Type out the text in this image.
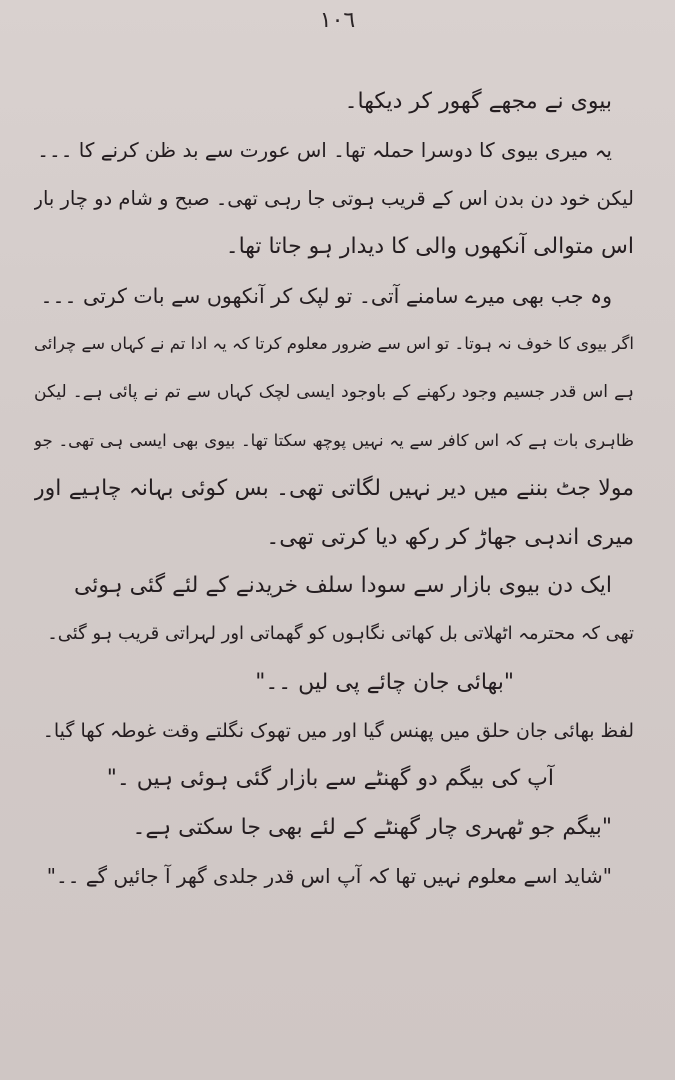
١٠٦
بیوی نے مجھے گھور کر دیکھا۔
یہ میری بیوی کا دوسرا حملہ تھا۔ اس عورت سے بد ظن کرنے کا ۔۔۔
لیکن خود دن بدن اس کے قریب ہوتی جا رہی تھی۔ صبح و شام دو چار بار
اس متوالی آنکھوں والی کا دیدار ہو جاتا تھا۔
وہ جب بھی میرے سامنے آتی۔ تو لپک کر آنکھوں سے بات کرتی ۔۔۔
اگر بیوی کا خوف نہ ہوتا۔ تو اس سے ضرور معلوم کرتا کہ یہ ادا تم نے کہاں سے چرائی
ہے اس قدر جسیم وجود رکھنے کے باوجود ایسی لچک کہاں سے تم نے پائی ہے۔ لیکن
ظاہری بات ہے کہ اس کافر سے یہ نہیں پوچھ سکتا تھا۔ بیوی بھی ایسی ہی تھی۔ جو
مولا جٹ بننے میں دیر نہیں لگاتی تھی۔ بس کوئی بہانہ چاہیے اور
میری اندہی جھاڑ کر رکھ دیا کرتی تھی۔
ایک دن بیوی بازار سے سودا سلف خریدنے کے لئے گئی ہوئی
تھی کہ محترمہ اٹھلاتی بل کھاتی نگاہوں کو گھماتی اور لہراتی قریب ہو گئی۔
"بھائی جان چائے پی لیں ۔۔"
لفظ بھائی جان حلق میں پھنس گیا اور میں تھوک نگلتے وقت غوطہ کھا گیا۔
آپ کی بیگم دو گھنٹے سے بازار گئی ہوئی ہیں ۔"
"بیگم جو ٹھہری چار گھنٹے کے لئے بھی جا سکتی ہے۔
"شاید اسے معلوم نہیں تھا کہ آپ اس قدر جلدی گھر آ جائیں گے ۔۔"
